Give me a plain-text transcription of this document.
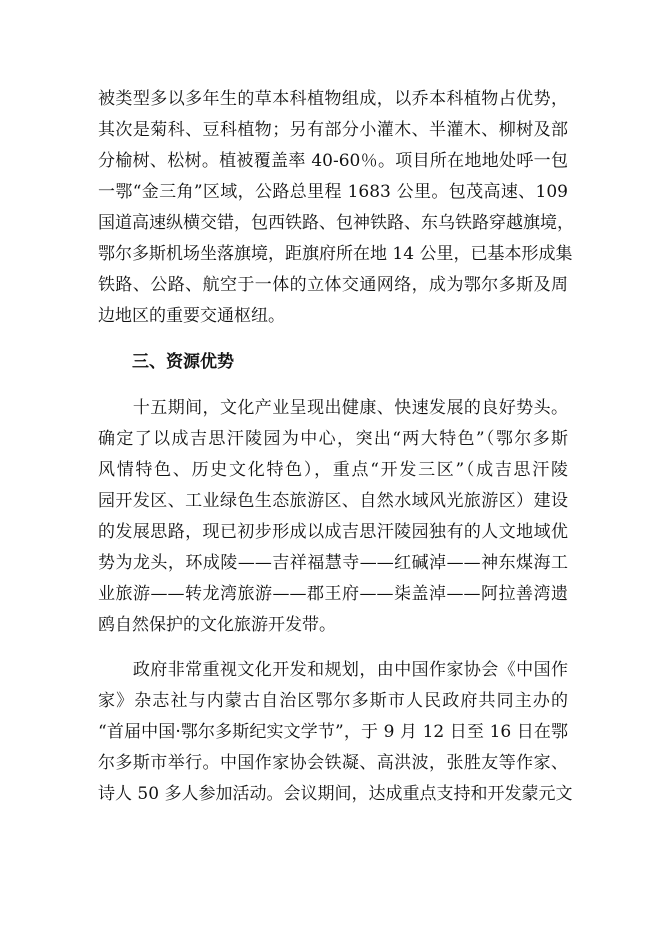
被类型多以多年生的草本科植物组成，以乔本科植物占优势，
其次是菊科、豆科植物；另有部分小灌木、半灌木、柳树及部
分榆树、松树。植被覆盖率 40-60％。项目所在地地处呼一包
一鄂“金三角”区域，公路总里程 1683 公里。包茂高速、109
国道高速纵横交错，包西铁路、包神铁路、东乌铁路穿越旗境，
鄂尔多斯机场坐落旗境，距旗府所在地 14 公里，已基本形成集
铁路、公路、航空于一体的立体交通网络，成为鄂尔多斯及周
边地区的重要交通枢纽。
三、资源优势
　　十五期间，文化产业呈现出健康、快速发展的良好势头。
确定了以成吉思汗陵园为中心，突出“两大特色”（鄂尔多斯
风情特色、历史文化特色），重点“开发三区”（成吉思汗陵
园开发区、工业绿色生态旅游区、自然水域风光旅游区）建设
的发展思路，现已初步形成以成吉思汗陵园独有的人文地域优
势为龙头，环成陵——吉祥福慧寺——红碱淖——神东煤海工
业旅游——转龙湾旅游——郡王府——柒盖淖——阿拉善湾遗
鸥自然保护的文化旅游开发带。
　　政府非常重视文化开发和规划，由中国作家协会《中国作
家》杂志社与内蒙古自治区鄂尔多斯市人民政府共同主办的
“首届中国·鄂尔多斯纪实文学节”，于 9 月 12 日至 16 日在鄂
尔多斯市举行。中国作家协会铁凝、高洪波，张胜友等作家、
诗人 50 多人参加活动。会议期间，达成重点支持和开发蒙元文
